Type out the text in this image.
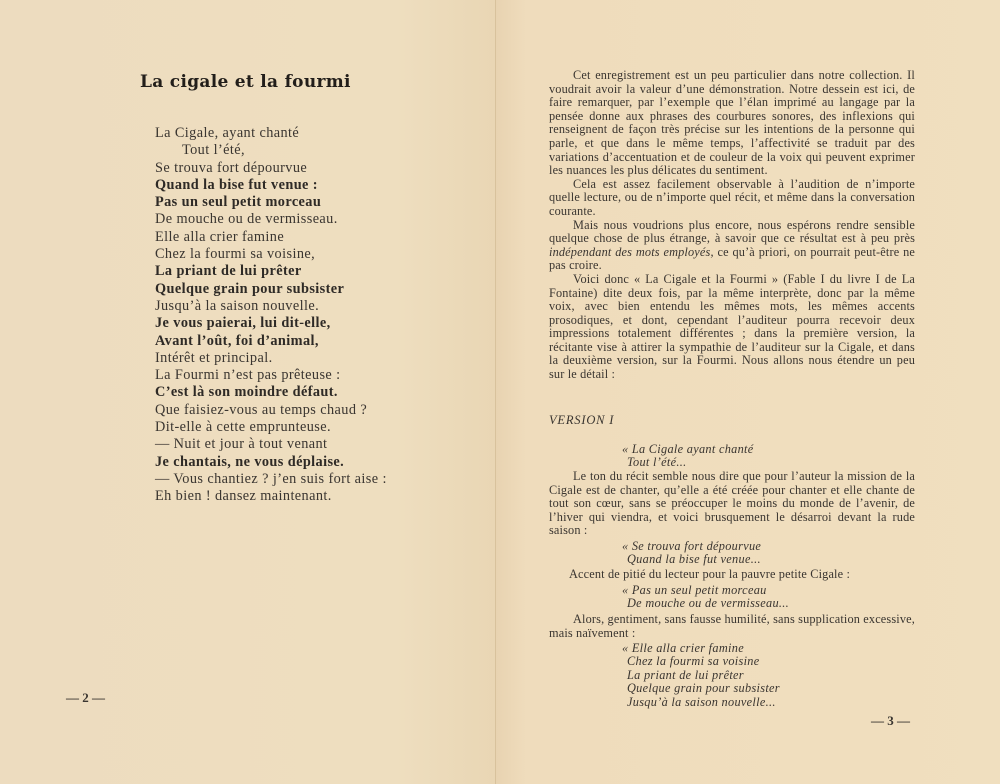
La cigale et la fourmi
La Cigale, ayant chanté
Tout l’été,
Se trouva fort dépourvue
Quand la bise fut venue :
Pas un seul petit morceau
De mouche ou de vermisseau.
Elle alla crier famine
Chez la fourmi sa voisine,
La priant de lui prêter
Quelque grain pour subsister
Jusqu’à la saison nouvelle.
Je vous paierai, lui dit-elle,
Avant l’oût, foi d’animal,
Intérêt et principal.
La Fourmi n’est pas prêteuse :
C’est là son moindre défaut.
Que faisiez-vous au temps chaud ?
Dit-elle à cette emprunteuse.
— Nuit et jour à tout venant
Je chantais, ne vous déplaise.
— Vous chantiez ? j’en suis fort aise :
Eh bien ! dansez maintenant.
— 2 —
— 3 —

Cet enregistrement est un peu particulier dans notre collection. Il voudrait avoir la valeur d’une démonstration. Notre dessein est ici, de faire remarquer, par l’exemple que l’élan imprimé au langage par la pensée donne aux phrases des courbures sonores, des inflexions qui renseignent de façon très précise sur les intentions de la personne qui parle, et que dans le même temps, l’affectivité se traduit par des variations d’accentuation et de couleur de la voix qui peuvent exprimer les nuances les plus délicates du sentiment.

Cela est assez facilement observable à l’audition de n’importe quelle lecture, ou de n’importe quel récit, et même dans la conversation courante.

Mais nous voudrions plus encore, nous espérons rendre sensible quelque chose de plus étrange, à savoir que ce résultat est à peu près indépendant des mots employés, ce qu’à priori, on pourrait peut-être ne pas croire.

Voici donc « La Cigale et la Fourmi » (Fable I du livre I de La Fontaine) dite deux fois, par la même interprète, donc par la même voix, avec bien entendu les mêmes mots, les mêmes accents prosodiques, et dont, cependant l’auditeur pourra recevoir deux impressions totalement différentes ; dans la première version, la récitante vise à attirer la sympathie de l’auditeur sur la Cigale, et dans la deuxième version, sur la Fourmi. Nous allons nous étendre un peu sur le détail :

VERSION I
« La Cigale ayant chanté
Tout l’été...

Le ton du récit semble nous dire que pour l’auteur la mission de la Cigale est de chanter, qu’elle a été créée pour chanter et elle chante de tout son cœur, sans se préoccuper le moins du monde de l’avenir, de l’hiver qui viendra, et voici brusquement le désarroi devant la rude saison :

« Se trouva fort dépourvue
Quand la bise fut venue...

Accent de pitié du lecteur pour la pauvre petite Cigale :

« Pas un seul petit morceau
De mouche ou de vermisseau...

Alors, gentiment, sans fausse humilité, sans supplication excessive, mais naïvement :

« Elle alla crier famine
Chez la fourmi sa voisine
La priant de lui prêter
Quelque grain pour subsister
Jusqu’à la saison nouvelle...
